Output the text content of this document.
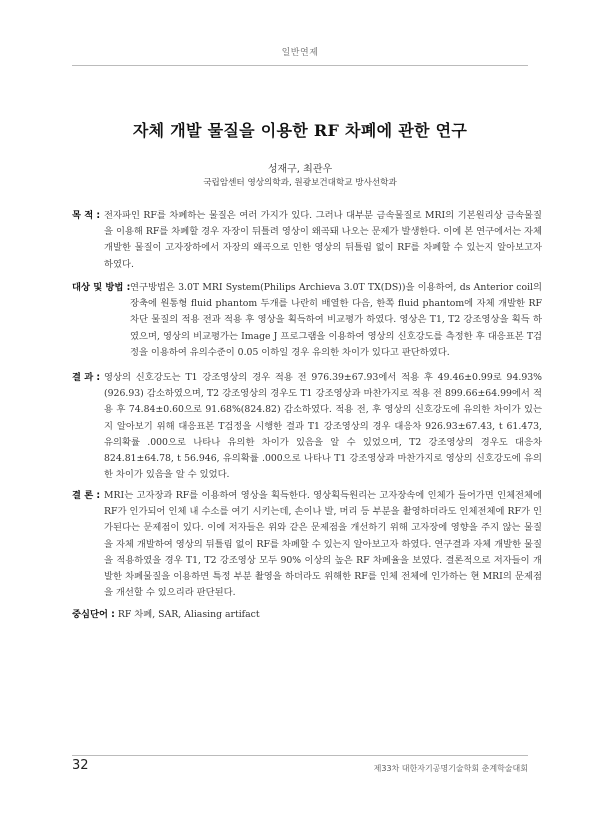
일반연제
자체 개발 물질을 이용한 RF 차폐에 관한 연구
성재구, 최관우
국립암센터 영상의학과, 원광보건대학교 방사선학과
목 적 : 전자파인 RF를 차폐하는 물질은 여러 가지가 있다. 그러나 대부분 금속물질로 MRI의 기본원리상 금속물질을 이용해 RF를 차폐할 경우 자장이 뒤틀려 영상이 왜곡돼 나오는 문제가 발생한다. 이에 본 연구에서는 자체 개발한 물질이 고자장하에서 자장의 왜곡으로 인한 영상의 뒤틀림 없이 RF를 차폐할 수 있는지 알아보고자 하였다.
대상 및 방법 : 연구방법은 3.0T MRI System(Philips Archieva 3.0T TX(DS))을 이용하여, ds Anterior coil의 장축에 원통형 fluid phantom 두개를 나란히 배열한 다음, 한쪽 fluid phantom에 자체 개발한 RF 차단 물질의 적용 전과 적용 후 영상을 획득하여 비교평가 하였다. 영상은 T1, T2 강조영상을 획득 하였으며, 영상의 비교평가는 Image J 프로그램을 이용하여 영상의 신호강도를 측정한 후 대응표본 T검정을 이용하여 유의수준이 0.05 이하일 경우 유의한 차이가 있다고 판단하였다.
결 과 : 영상의 신호강도는 T1 강조영상의 경우 적용 전 976.39±67.93에서 적용 후 49.46±0.99로 94.93%(926.93) 감소하였으며, T2 강조영상의 경우도 T1 강조영상과 마찬가지로 적용 전 899.66±64.99에서 적용 후 74.84±0.60으로 91.68%(824.82) 감소하였다. 적용 전, 후 영상의 신호강도에 유의한 차이가 있는지 알아보기 위해 대응표본 T검정을 시행한 결과 T1 강조영상의 경우 대응차 926.93±67.43, t 61.473, 유의확률 .000으로 나타나 유의한 차이가 있음을 알 수 있었으며, T2 강조영상의 경우도 대응차 824.81±64.78, t 56.946, 유의확률 .000으로 나타나 T1 강조영상과 마찬가지로 영상의 신호강도에 유의한 차이가 있음을 알 수 있었다.
결 론 : MRI는 고자장과 RF를 이용하여 영상을 획득한다. 영상획득원리는 고자장속에 인체가 들어가면 인체전체에 RF가 인가되어 인체 내 수소를 여기 시키는데, 손이나 발, 머리 등 부분을 촬영하더라도 인체전체에 RF가 인가된다는 문제점이 있다. 이에 저자들은 위와 같은 문제점을 개선하기 위해 고자장에 영향을 주지 않는 물질을 자체 개발하여 영상의 뒤틀림 없이 RF를 차폐할 수 있는지 알아보고자 하였다. 연구결과 자체 개발한 물질을 적용하였을 경우 T1, T2 강조영상 모두 90% 이상의 높은 RF 차폐율을 보였다. 결론적으로 저자들이 개발한 차폐물질을 이용하면 특정 부분 촬영을 하더라도 위해한 RF를 인체 전체에 인가하는 현 MRI의 문제점을 개선할 수 있으리라 판단된다.
중심단어 : RF 차폐, SAR, Aliasing artifact
32	제33차 대한자기공명기술학회 춘계학술대회
